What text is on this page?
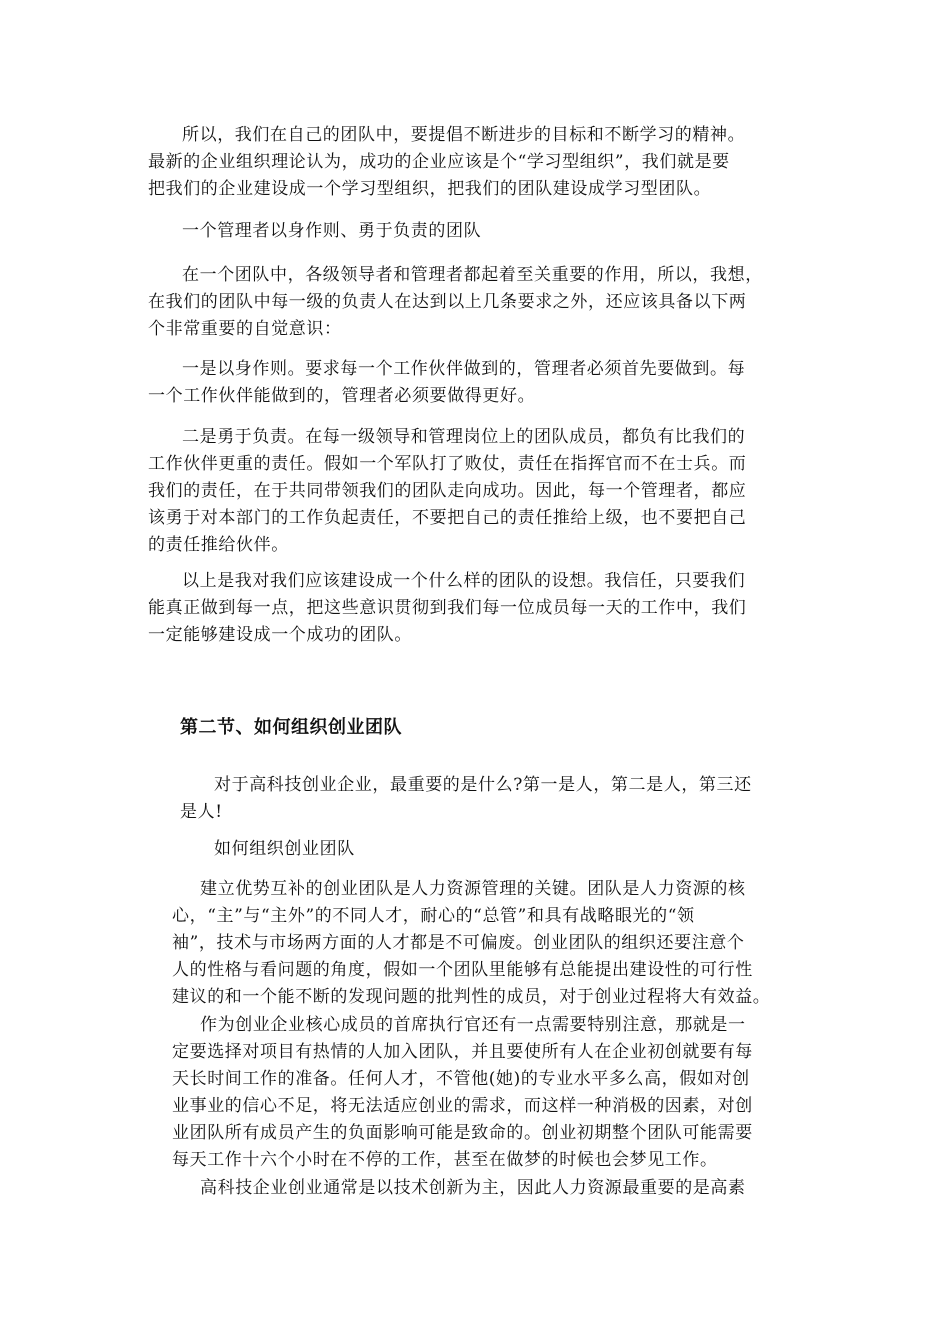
所以，我们在自己的团队中，要提倡不断进步的目标和不断学习的精神。
最新的企业组织理论认为，成功的企业应该是个“学习型组织”，我们就是要
把我们的企业建设成一个学习型组织，把我们的团队建设成学习型团队。
一个管理者以身作则、勇于负责的团队
在一个团队中，各级领导者和管理者都起着至关重要的作用，所以，我想，
在我们的团队中每一级的负责人在达到以上几条要求之外，还应该具备以下两
个非常重要的自觉意识：
一是以身作则。要求每一个工作伙伴做到的，管理者必须首先要做到。每
一个工作伙伴能做到的，管理者必须要做得更好。
二是勇于负责。在每一级领导和管理岗位上的团队成员，都负有比我们的
工作伙伴更重的责任。假如一个军队打了败仗，责任在指挥官而不在士兵。而
我们的责任，在于共同带领我们的团队走向成功。因此，每一个管理者，都应
该勇于对本部门的工作负起责任，不要把自己的责任推给上级，也不要把自己
的责任推给伙伴。
以上是我对我们应该建设成一个什么样的团队的设想。我信任，只要我们
能真正做到每一点，把这些意识贯彻到我们每一位成员每一天的工作中，我们
一定能够建设成一个成功的团队。
第二节、如何组织创业团队
对于高科技创业企业，最重要的是什么?第一是人，第二是人，第三还
是人!
如何组织创业团队
建立优势互补的创业团队是人力资源管理的关键。团队是人力资源的核
心，“主”与“主外”的不同人才，耐心的“总管”和具有战略眼光的“领
袖”，技术与市场两方面的人才都是不可偏废。创业团队的组织还要注意个
人的性格与看问题的角度，假如一个团队里能够有总能提出建设性的可行性
建议的和一个能不断的发现问题的批判性的成员，对于创业过程将大有效益。
作为创业企业核心成员的首席执行官还有一点需要特别注意，那就是一
定要选择对项目有热情的人加入团队，并且要使所有人在企业初创就要有每
天长时间工作的准备。任何人才，不管他(她)的专业水平多么高，假如对创
业事业的信心不足，将无法适应创业的需求，而这样一种消极的因素，对创
业团队所有成员产生的负面影响可能是致命的。创业初期整个团队可能需要
每天工作十六个小时在不停的工作，甚至在做梦的时候也会梦见工作。
高科技企业创业通常是以技术创新为主，因此人力资源最重要的是高素
